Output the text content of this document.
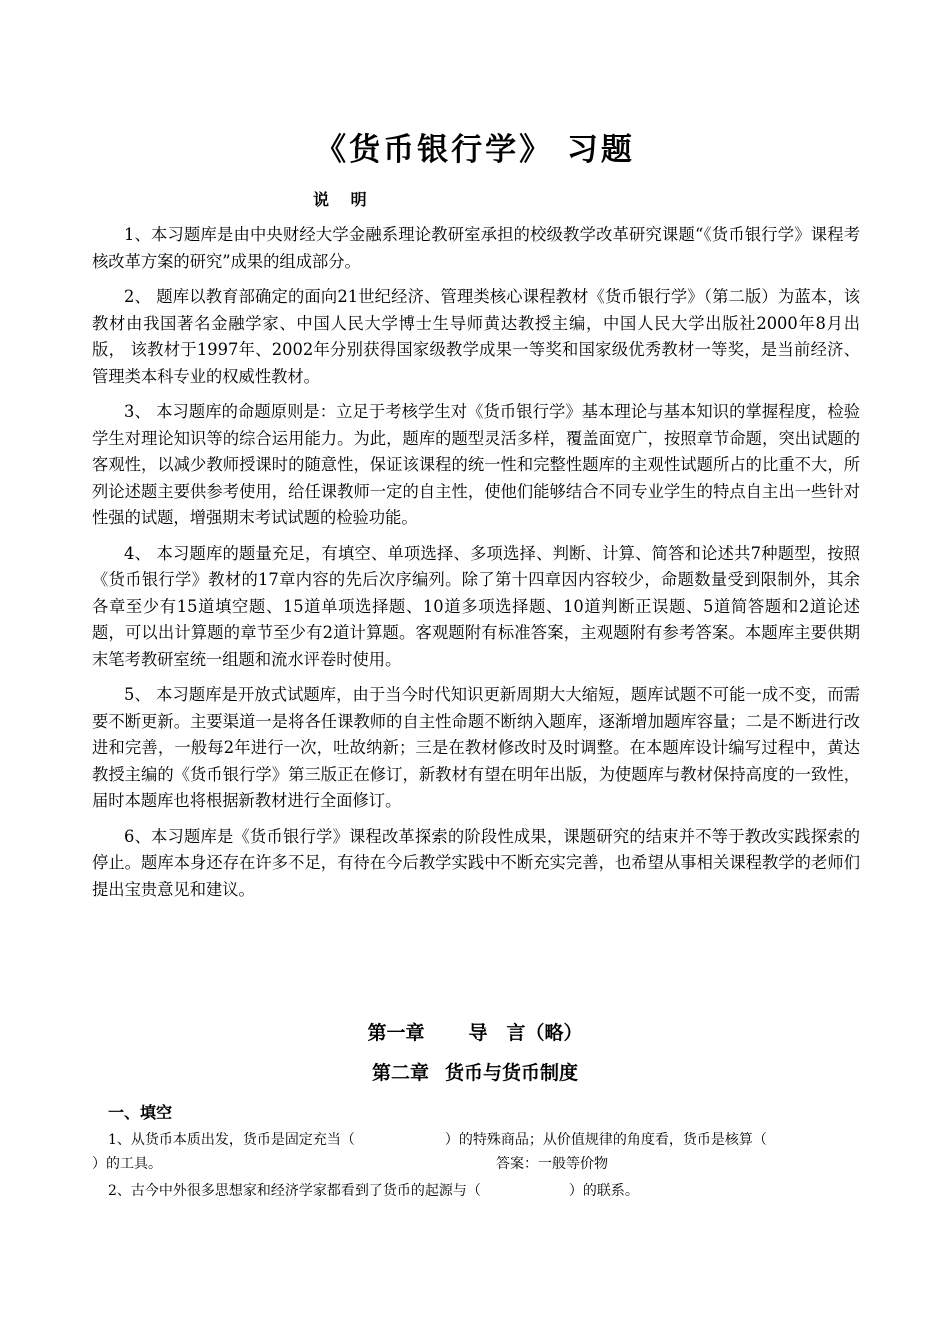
《货币银行学》 习题
说 明

1、本习题库是由中央财经大学金融系理论教研室承担的校级教学改革研究课题“《货币银行学》课程考核改革方案的研究”成果的组成部分。

2、 题库以教育部确定的面向21世纪经济、管理类核心课程教材《货币银行学》（第二版）为蓝本，该教材由我国著名金融学家、中国人民大学博士生导师黄达教授主编，中国人民大学出版社2000年8月出版， 该教材于1997年、2002年分别获得国家级教学成果一等奖和国家级优秀教材一等奖，是当前经济、管理类本科专业的权威性教材。

3、 本习题库的命题原则是：立足于考核学生对《货币银行学》基本理论与基本知识的掌握程度，检验学生对理论知识等的综合运用能力。为此，题库的题型灵活多样，覆盖面宽广，按照章节命题，突出试题的客观性，以减少教师授课时的随意性，保证该课程的统一性和完整性题库的主观性试题所占的比重不大，所列论述题主要供参考使用，给任课教师一定的自主性，使他们能够结合不同专业学生的特点自主出一些针对性强的试题，增强期末考试试题的检验功能。

4、 本习题库的题量充足，有填空、单项选择、多项选择、判断、计算、简答和论述共7种题型，按照《货币银行学》教材的17章内容的先后次序编列。除了第十四章因内容较少，命题数量受到限制外，其余各章至少有15道填空题、15道单项选择题、10道多项选择题、10道判断正误题、5道简答题和2道论述题，可以出计算题的章节至少有2道计算题。客观题附有标准答案，主观题附有参考答案。本题库主要供期末笔考教研室统一组题和流水评卷时使用。

5、 本习题库是开放式试题库，由于当今时代知识更新周期大大缩短，题库试题不可能一成不变，而需要不断更新。主要渠道一是将各任课教师的自主性命题不断纳入题库，逐渐增加题库容量；二是不断进行改进和完善，一般每2年进行一次，吐故纳新；三是在教材修改时及时调整。在本题库设计编写过程中，黄达教授主编的《货币银行学》第三版正在修订，新教材有望在明年出版，为使题库与教材保持高度的一致性，届时本题库也将根据新教材进行全面修订。

6、本习题库是《货币银行学》课程改革探索的阶段性成果，课题研究的结束并不等于教改实践探索的停止。题库本身还存在许多不足，有待在今后教学实践中不断充实完善，也希望从事相关课程教学的老师们提出宝贵意见和建议。

第一章 导　言（略）
第二章 货币与货币制度
一、填空
1、从货币本质出发，货币是固定充当（	）的特殊商品；从价值规律的角度看，货币是核算（
）的工具。	答案：一般等价物
2、古今中外很多思想家和经济学家都看到了货币的起源与（	）的联系。
